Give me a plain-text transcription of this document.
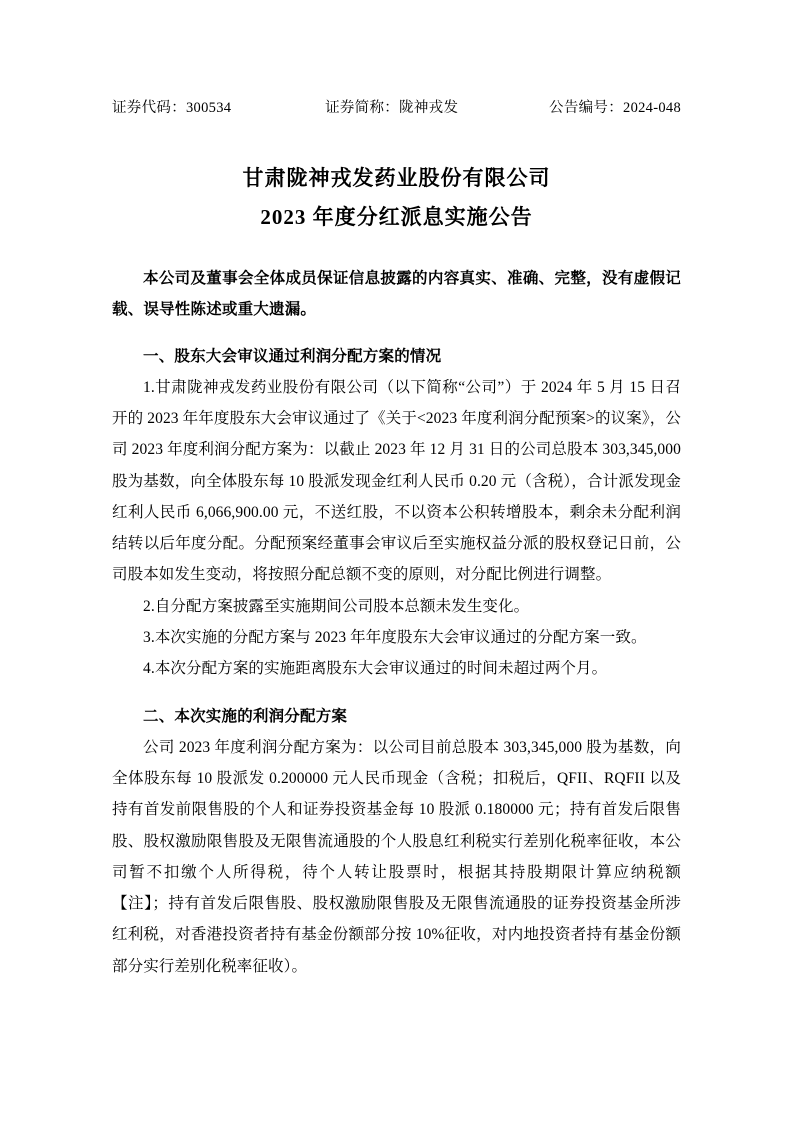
证券代码：300534	证券简称：陇神戎发	公告编号：2024-048
甘肃陇神戎发药业股份有限公司
2023 年度分红派息实施公告

本公司及董事会全体成员保证信息披露的内容真实、准确、完整，没有虚假记载、误导性陈述或重大遗漏。

一、股东大会审议通过利润分配方案的情况

1.甘肃陇神戎发药业股份有限公司（以下简称“公司”）于 2024 年 5 月 15 日召开的 2023 年年度股东大会审议通过了《关于<2023 年度利润分配预案>的议案》，公司 2023 年度利润分配方案为：以截止 2023 年 12 月 31 日的公司总股本 303,345,000 股为基数，向全体股东每 10 股派发现金红利人民币 0.20 元（含税），合计派发现金红利人民币 6,066,900.00 元，不送红股，不以资本公积转增股本，剩余未分配利润结转以后年度分配。分配预案经董事会审议后至实施权益分派的股权登记日前，公司股本如发生变动，将按照分配总额不变的原则，对分配比例进行调整。

2.自分配方案披露至实施期间公司股本总额未发生变化。

3.本次实施的分配方案与 2023 年年度股东大会审议通过的分配方案一致。

4.本次分配方案的实施距离股东大会审议通过的时间未超过两个月。

二、本次实施的利润分配方案

公司 2023 年度利润分配方案为：以公司目前总股本 303,345,000 股为基数，向全体股东每 10 股派发 0.200000 元人民币现金（含税；扣税后，QFII、RQFII 以及持有首发前限售股的个人和证券投资基金每 10 股派 0.180000 元；持有首发后限售股、股权激励限售股及无限售流通股的个人股息红利税实行差别化税率征收，本公司暂不扣缴个人所得税，待个人转让股票时，根据其持股期限计算应纳税额【注】；持有首发后限售股、股权激励限售股及无限售流通股的证券投资基金所涉红利税，对香港投资者持有基金份额部分按 10%征收，对内地投资者持有基金份额部分实行差别化税率征收）。
